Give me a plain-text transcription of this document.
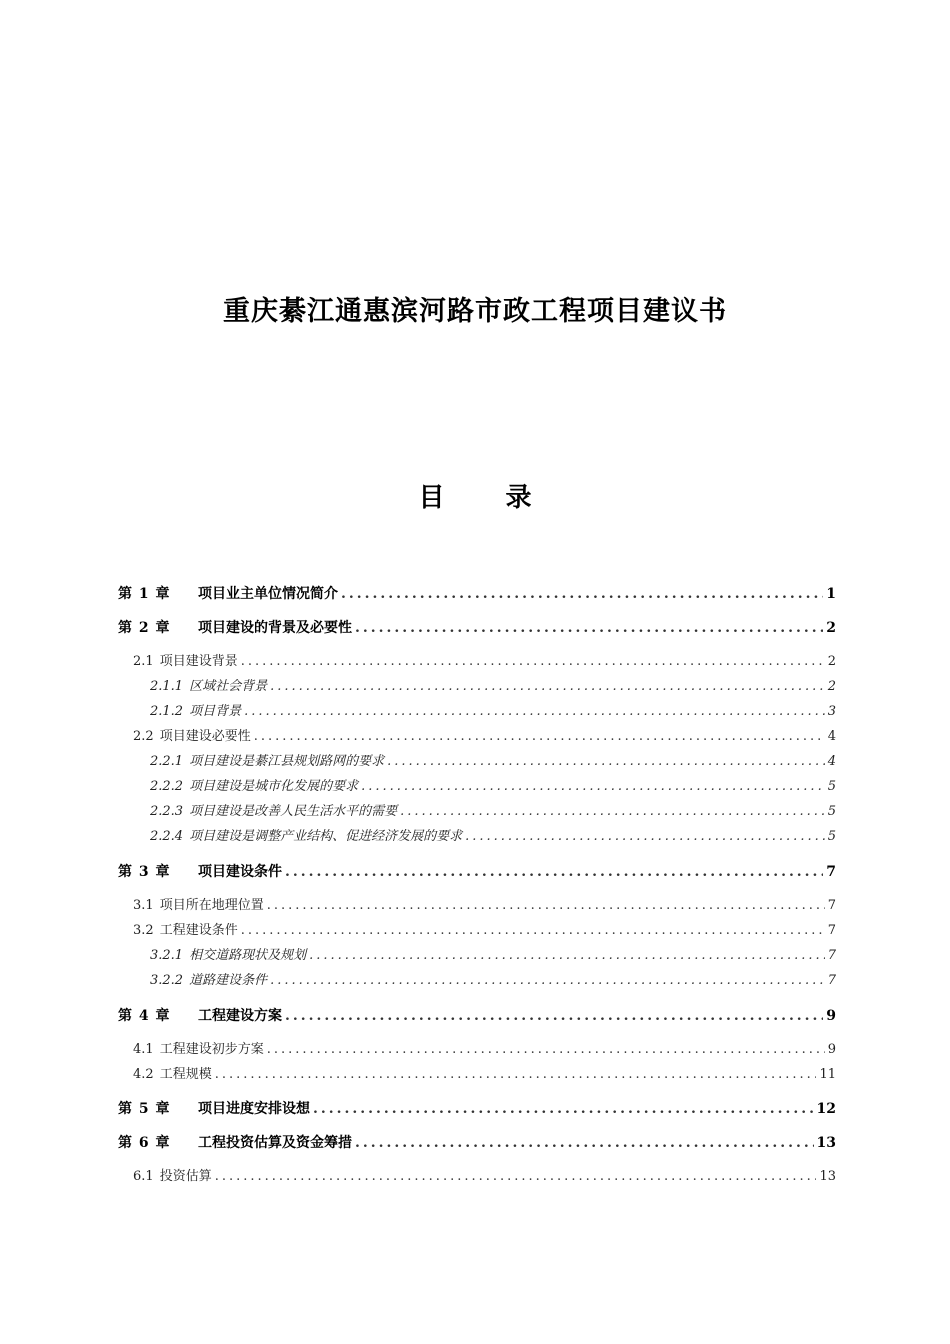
重庆綦江通惠滨河路市政工程项目建议书
目 录
第 1 章 项目业主单位情况简介 .....	1
第 2 章 项目建设的背景及必要性 .....	2
2.1 项目建设背景 .....	2
2.1.1 区域社会背景 .....	2
2.1.2 项目背景 .....	3
2.2 项目建设必要性 .....	4
2.2.1 项目建设是綦江县规划路网的要求 .....	4
2.2.2 项目建设是城市化发展的要求 .....	5
2.2.3 项目建设是改善人民生活水平的需要 .....	5
2.2.4 项目建设是调整产业结构、促进经济发展的要求 .....	5
第 3 章 项目建设条件 .....	7
3.1 项目所在地理位置 .....	7
3.2 工程建设条件 .....	7
3.2.1 相交道路现状及规划 .....	7
3.2.2 道路建设条件 .....	7
第 4 章 工程建设方案 .....	9
4.1 工程建设初步方案 .....	9
4.2 工程规模 .....	11
第 5 章 项目进度安排设想 .....	12
第 6 章 工程投资估算及资金筹措 .....	13
6.1 投资估算 .....	13
